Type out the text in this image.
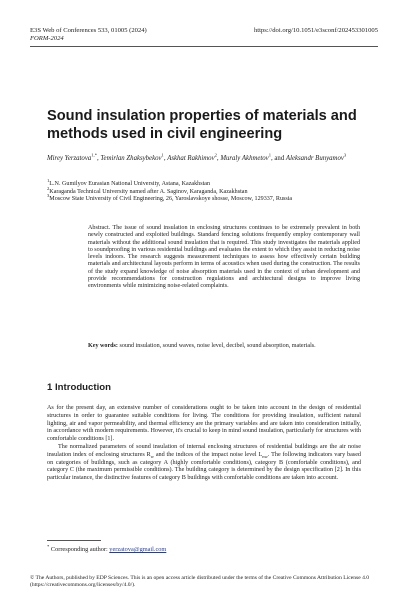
E3S Web of Conferences 533, 01005 (2024)
FORM-2024
https://doi.org/10.1051/e3sconf/202453301005
Sound insulation properties of materials and methods used in civil engineering
Mirey Yerzatova$^{1,*}$, Temirlan Zhaksybekov$^1$, Askhat Rakhimov$^2$, Muraly Akhmetov$^1$, and Aleksandr Bunyamov$^3$
$^1$L.N. Gumilyov Eurasian National University, Astana, Kazakhstan
$^2$Karaganda Technical University named after A. Saginov, Karaganda, Kazakhstan
$^3$Moscow State University of Civil Engineering, 26, Yaroslavskoye shosse, Moscow, 129337, Russia
Abstract. The issue of sound insulation in enclosing structures continues to be extremely prevalent in both newly constructed and exploited buildings. Standard fencing solutions frequently employ contemporary wall materials without the additional sound insulation that is required. This study investigates the materials applied to soundproofing in various residential buildings and evaluates the extent to which they assist in reducing noise levels indoors. The research suggests measurement techniques to assess how effectively certain building materials and architectural layouts perform in terms of acoustics when used during the construction. The results of the study expand knowledge of noise absorption materials used in the context of urban development and provide recommendations for construction regulations and architectural designs to improve living environments while minimizing noise-related complaints.
Key words: sound insulation, sound waves, noise level, decibel, sound absorption, materials.
1 Introduction

As for the present day, an extensive number of considerations ought to be taken into account in the design of residential structures in order to guarantee suitable conditions for living. The conditions for providing insulation, sufficient natural lighting, air and vapor permeability, and thermal efficiency are the primary variables and are taken into consideration initially, in accordance with modern requirements. However, it's crucial to keep in mind sound insulation, particularly for structures with comfortable conditions [1].

The normalized parameters of sound insulation of internal enclosing structures of residential buildings are the air noise insulation index of enclosing structures $R_w$ and the indices of the impact noise level $L_{nw}$. The following indicators vary based on categories of buildings, such as category A (highly comfortable conditions), category B (comfortable conditions), and category C (the maximum permissible conditions). The building category is determined by the design specification [2]. In this particular instance, the distinctive features of category B buildings with comfortable conditions are taken into account.

* Corresponding author: yerzatova@gmail.com
© The Authors, published by EDP Sciences. This is an open access article distributed under the terms of the Creative Commons Attribution License 4.0 (https://creativecommons.org/licenses/by/4.0/).
